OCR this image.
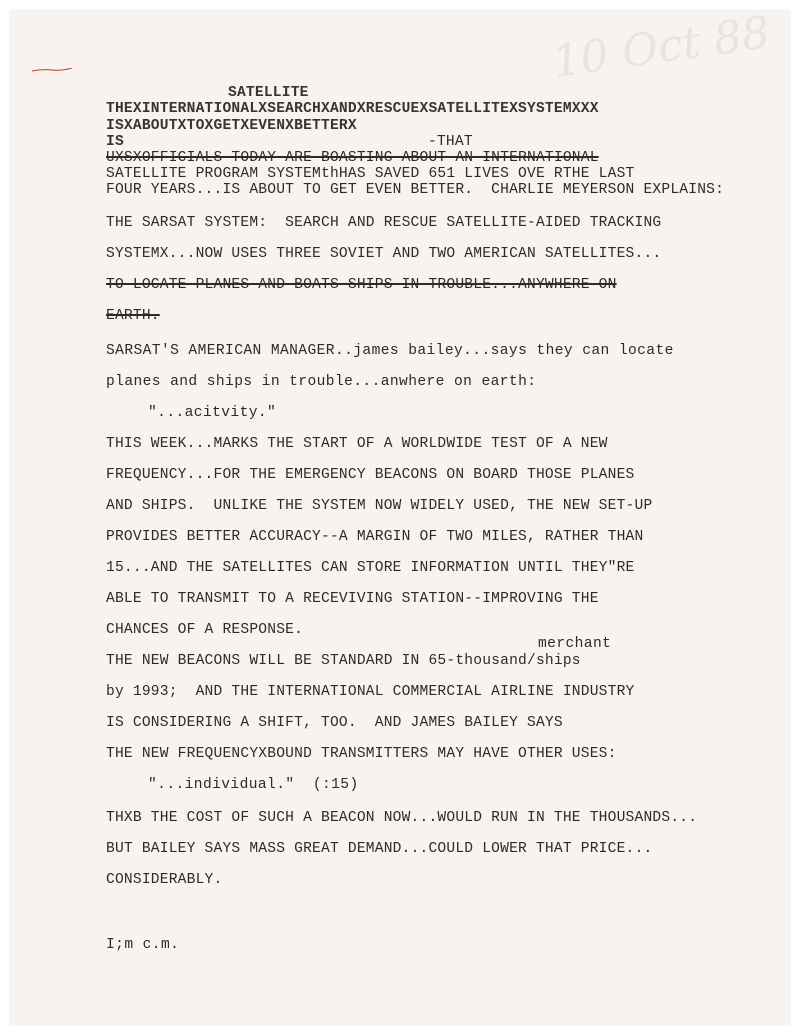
10 Oct 88
SATELLITE
THEXINTERNATIONALXSEARCHXANDXRESCUEXSATELLITEXSYSTEMXXX
ISXABOUTXTOXGETXEVENXBETTERX
IS	-THAT
UXSXOFFICIALS-TODAY-ARE-BOASTING-ABOUT AN INTERNATIONAL
SATELLITE PROGRAM SYSTEMthHAS SAVED 651 LIVES OVE RTHE LAST
FOUR YEARS...IS ABOUT TO GET EVEN BETTER.  CHARLIE MEYERSON EXPLAINS:
THE SARSAT SYSTEM:  SEARCH AND RESCUE SATELLITE-AIDED TRACKING
SYSTEMX...NOW USES THREE SOVIET AND TWO AMERICAN SATELLITES...
TO-LOCATE-PLANES-AND-BOATS-SHIPS-IN-TROUBLE...ANYWHERE-ON
EARTH.
SARSAT'S AMERICAN MANAGER..james bailey...says they can locate
planes and ships in trouble...anwhere on earth:
"...acitvity."
THIS WEEK...MARKS THE START OF A WORLDWIDE TEST OF A NEW
FREQUENCY...FOR THE EMERGENCY BEACONS ON BOARD THOSE PLANES
AND SHIPS.  UNLIKE THE SYSTEM NOW WIDELY USED, THE NEW SET-UP
PROVIDES BETTER ACCURACY--A MARGIN OF TWO MILES, RATHER THAN
15...AND THE SATELLITES CAN STORE INFORMATION UNTIL THEY"RE
ABLE TO TRANSMIT TO A RECEVIVING STATION--IMPROVING THE
CHANCES OF A RESPONSE.
merchant
THE NEW BEACONS WILL BE STANDARD IN 65-thousand/ships
by 1993;  AND THE INTERNATIONAL COMMERCIAL AIRLINE INDUSTRY
IS CONSIDERING A SHIFT, TOO.  AND JAMES BAILEY SAYS
THE NEW FREQUENCYXBOUND TRANSMITTERS MAY HAVE OTHER USES:
"...individual."  (:15)
THXB THE COST OF SUCH A BEACON NOW...WOULD RUN IN THE THOUSANDS...
BUT BAILEY SAYS MASS GREAT DEMAND...COULD LOWER THAT PRICE...
CONSIDERABLY.
I;m c.m.
